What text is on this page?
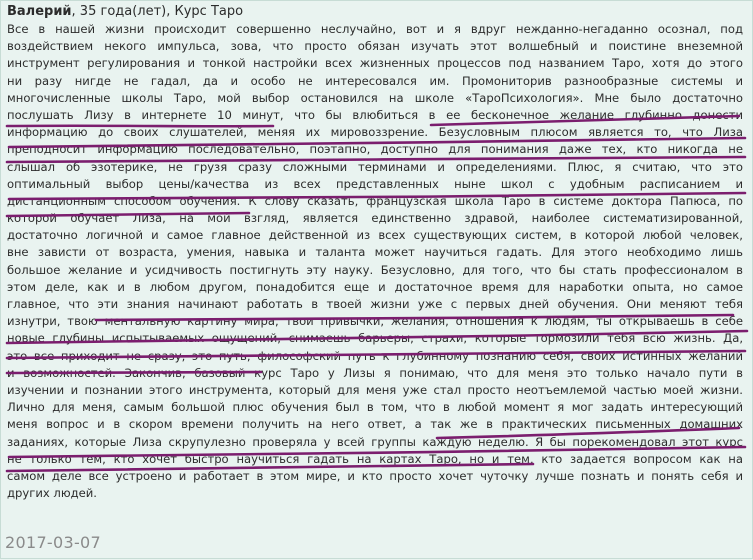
Валерий, 35 года(лет), Курс Таро
Все в нашей жизни происходит совершенно неслучайно, вот и я вдруг нежданно-негаданно осознал, под
воздействием некого импульса, зова, что просто обязан изучать этот волшебный и поистине внеземной
инструмент регулирования и тонкой настройки всех жизненных процессов под названием Таро, хотя до этого
ни разу нигде не гадал, да и особо не интересовался им. Промониторив разнообразные системы и
многочисленные школы Таро, мой выбор остановился на школе «ТароПсихология». Мне было достаточно
послушать Лизу в интернете 10 минут, что бы влюбиться в ее бесконечное желание глубинно донести
информацию до своих слушателей, меняя их мировоззрение. Безусловным плюсом является то, что Лиза
преподносит информацию последовательно, поэтапно, доступно для понимания даже тех, кто никогда не
слышал об эзотерике, не грузя сразу сложными терминами и определениями. Плюс, я считаю, что это
оптимальный выбор цены/качества из всех представленных ныне школ с удобным расписанием и
дистанционным способом обучения. К слову сказать, французская школа Таро в системе доктора Папюса, по
которой обучает Лиза, на мой взгляд, является единственно здравой, наиболее систематизированной,
достаточно логичной и самое главное действенной из всех существующих систем, в которой любой человек,
вне зависти от возраста, умения, навыка и таланта может научиться гадать. Для этого необходимо лишь
большое желание и усидчивость постигнуть эту науку. Безусловно, для того, что бы стать профессионалом в
этом деле, как и в любом другом, понадобится еще и достаточное время для наработки опыта, но самое
главное, что эти знания начинают работать в твоей жизни уже с первых дней обучения. Они меняют тебя
изнутри, твою ментальную картину мира, твои привычки, желания, отношения к людям, ты открываешь в себе
новые глубины испытываемых ощущений, снимаешь барьеры, страхи, которые тормозили тебя всю жизнь. Да,
это все приходит не сразу, это путь, философский путь к глубинному познанию себя, своих истинных желаний
и возможностей. Закончив, базовый курс Таро у Лизы я понимаю, что для меня это только начало пути в
изучении и познании этого инструмента, который для меня уже стал просто неотъемлемой частью моей жизни.
Лично для меня, самым большой плюс обучения был в том, что в любой момент я мог задать интересующий
меня вопрос и в скором времени получить на него ответ, а так же в практических письменных домашних
заданиях, которые Лиза скрупулезно проверяла у всей группы каждую неделю. Я бы порекомендовал этот курс
не только тем, кто хочет быстро научиться гадать на картах Таро, но и тем, кто задается вопросом как на
самом деле все устроено и работает в этом мире, и кто просто хочет чуточку лучше познать и понять себя и
других людей.
2017-03-07
